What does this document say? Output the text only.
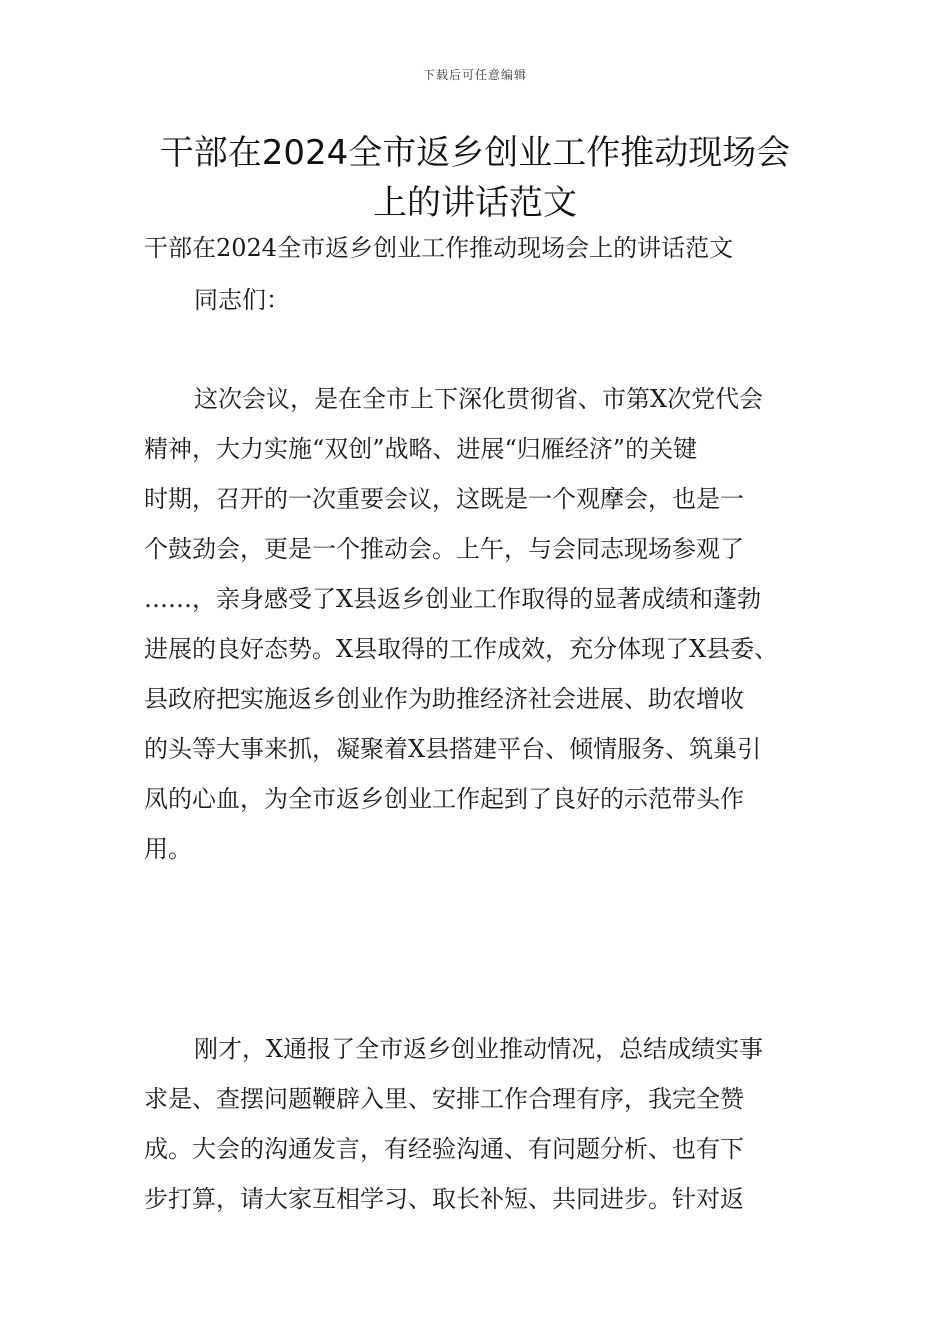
下载后可任意编辑
干部在2024全市返乡创业工作推动现场会
上的讲话范文
干部在2024全市返乡创业工作推动现场会上的讲话范文
同志们：

这次会议，是在全市上下深化贯彻省、市第X次党代会
精神，大力实施“双创”战略、进展“归雁经济”的关键
时期，召开的一次重要会议，这既是一个观摩会，也是一
个鼓劲会，更是一个推动会。上午，与会同志现场参观了
……，亲身感受了X县返乡创业工作取得的显著成绩和蓬勃
进展的良好态势。X县取得的工作成效，充分体现了X县委、
县政府把实施返乡创业作为助推经济社会进展、助农增收
的头等大事来抓，凝聚着X县搭建平台、倾情服务、筑巢引
凤的心血，为全市返乡创业工作起到了良好的示范带头作
用。

刚才，X通报了全市返乡创业推动情况，总结成绩实事
求是、查摆问题鞭辟入里、安排工作合理有序，我完全赞
成。大会的沟通发言，有经验沟通、有问题分析、也有下
步打算，请大家互相学习、取长补短、共同进步。针对返
